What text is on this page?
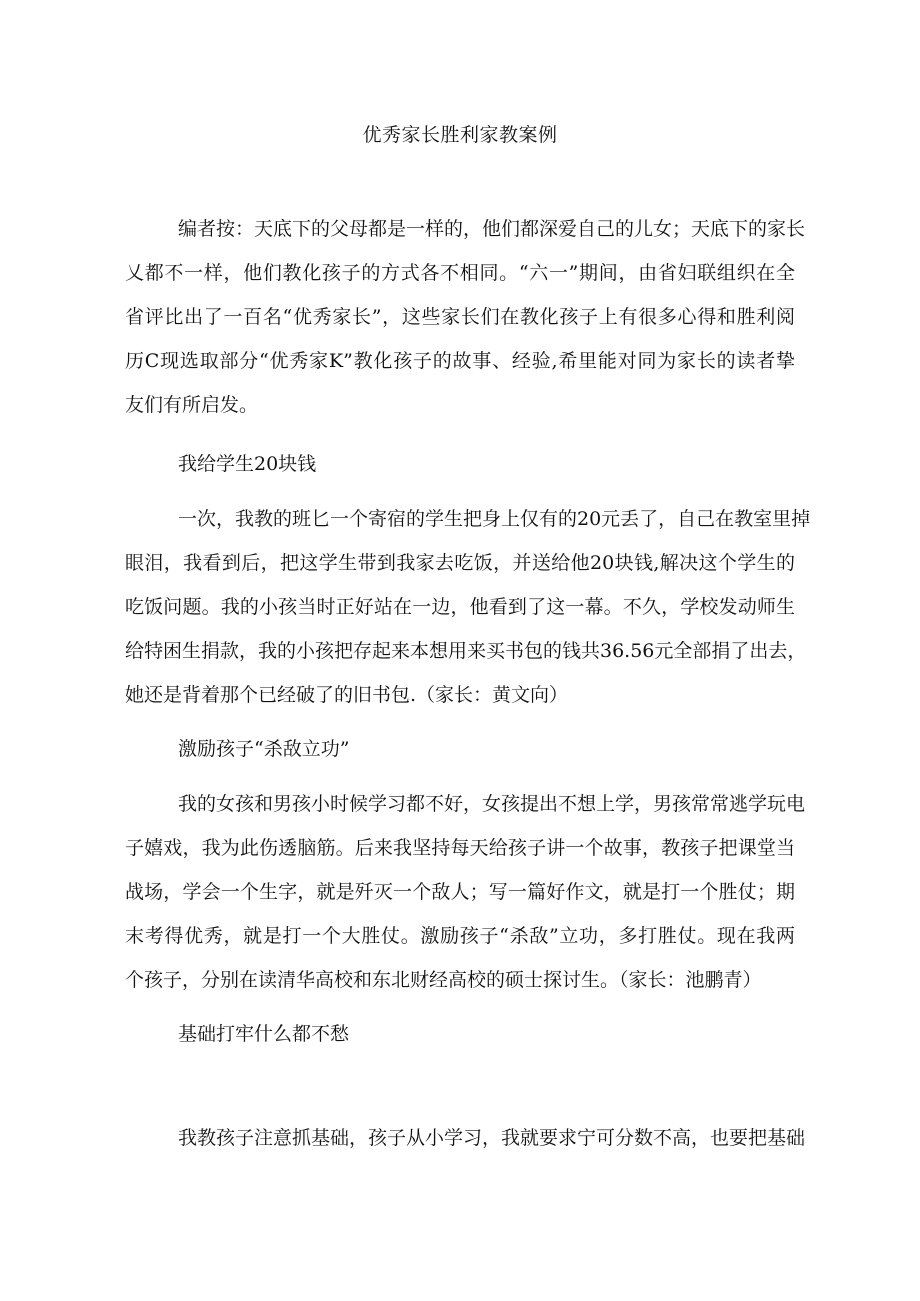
优秀家长胜利家教案例
编者按：天底下的父母都是一样的，他们都深爱自己的儿女；天底下的家长
乂都不一样，他们教化孩子的方式各不相同。“六一”期间，由省妇联组织在全
省评比出了一百名“优秀家长”，这些家长们在教化孩子上有很多心得和胜利阅
历C现选取部分“优秀家K”教化孩子的故事、经验,希里能对同为家长的读者挚
友们有所启发。
我给学生20块钱
一次，我教的班匕一个寄宿的学生把身上仅有的20元丢了，自己在教室里掉
眼泪，我看到后，把这学生带到我家去吃饭，并送给他20块钱,解决这个学生的
吃饭问题。我的小孩当时正好站在一边，他看到了这一幕。不久，学校发动师生
给特困生捐款，我的小孩把存起来本想用来买书包的钱共36.56元全部捐了出去，
她还是背着那个已经破了的旧书包.（家长：黄文向）
激励孩子“杀敌立功”
我的女孩和男孩小时候学习都不好，女孩提出不想上学，男孩常常逃学玩电
子嬉戏，我为此伤透脑筋。后来我坚持每天给孩子讲一个故事，教孩子把课堂当
战场，学会一个生字，就是歼灭一个敌人；写一篇好作文，就是打一个胜仗；期
末考得优秀，就是打一个大胜仗。激励孩子“杀敌”立功，多打胜仗。现在我两
个孩子，分别在读清华高校和东北财经高校的硕士探讨生。（家长：池鹏青）
基础打牢什么都不愁
我教孩子注意抓基础，孩子从小学习，我就要求宁可分数不高，也要把基础
